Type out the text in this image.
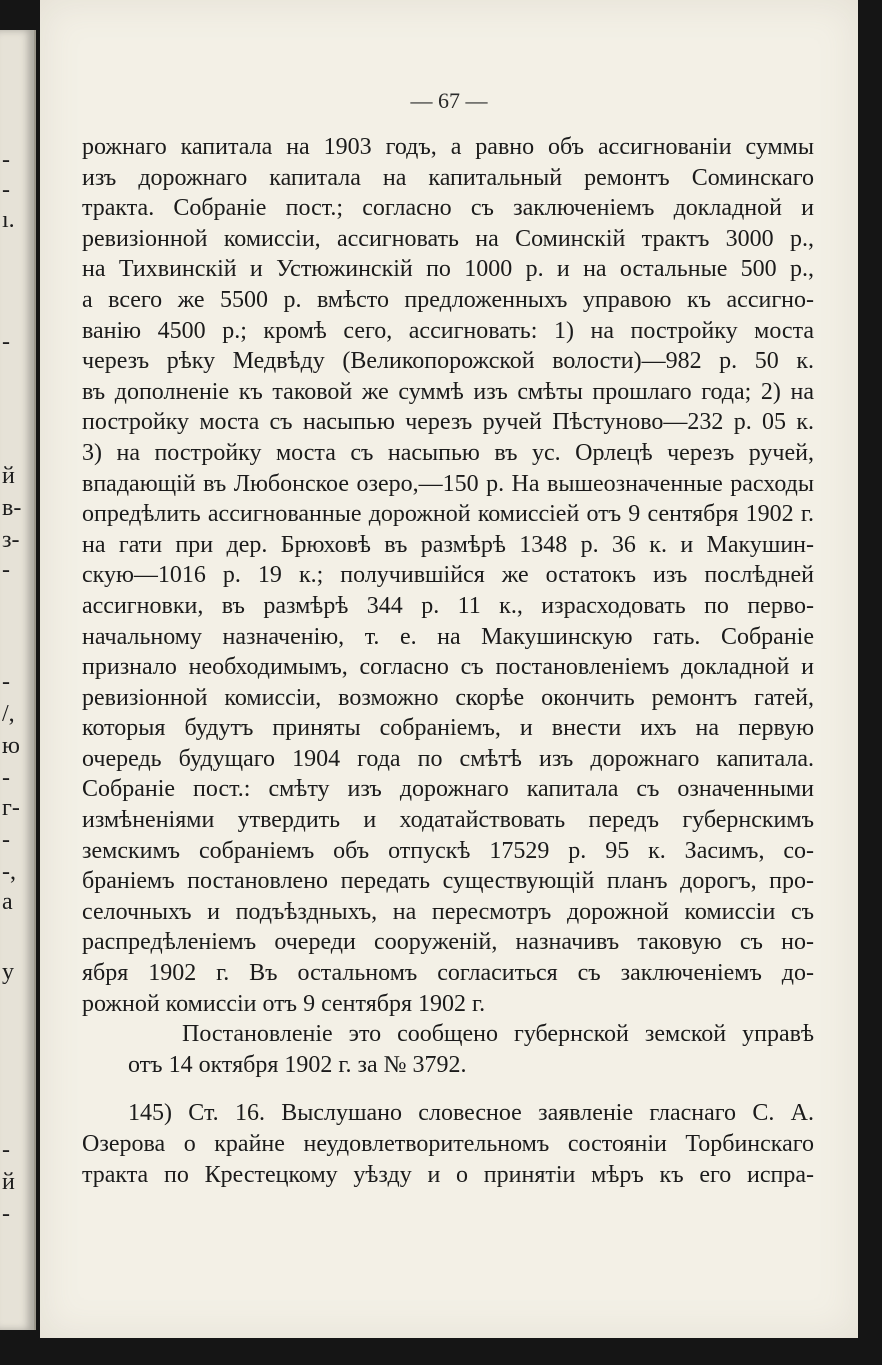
-
-
ı.
-
й
в-
з-
-
-
/,
ю
-
г-
-
-,
а
у
-
й
-
— 67 —
рожнаго капитала на 1903 годъ, а равно объ ассигнованiи суммы
изъ дорожнаго капитала на капитальный ремонтъ Соминскаго
тракта. Собранiе пост.; согласно съ заключенiемъ докладной и
ревизiонной комиссiи, ассигновать на Соминскiй трактъ 3000 р.,
на Тихвинскiй и Устюжинскiй по 1000 р. и на остальные 500 р.,
а всего же 5500 р. вмѣсто предложенныхъ управою къ ассигно-
ванiю 4500 р.; кромѣ сего, ассигновать: 1) на постройку моста
черезъ рѣку Медвѣду (Великопорожской волости)—982 р. 50 к.
въ дополненiе къ таковой же суммѣ изъ смѣты прошлаго года; 2) на
постройку моста съ насыпью черезъ ручей Пѣстуново—232 р. 05 к.
3) на постройку моста съ насыпью въ ус. Орлецѣ черезъ ручей,
впадающiй въ Любонское озеро,—150 р. На вышеозначенные расходы
опредѣлить ассигнованные дорожной комиссiей отъ 9 сентября 1902 г.
на гати при дер. Брюховѣ въ размѣрѣ 1348 р. 36 к. и Макушин-
скую—1016 р. 19 к.; получившiйся же остатокъ изъ послѣдней
ассигновки, въ размѣрѣ 344 р. 11 к., израсходовать по перво-
начальному назначенiю, т. е. на Макушинскую гать. Собранiе
признало необходимымъ, согласно съ постановленiемъ докладной и
ревизiонной комиссiи, возможно скорѣе окончить ремонтъ гатей,
которыя будутъ приняты собранiемъ, и внести ихъ на первую
очередь будущаго 1904 года по смѣтѣ изъ дорожнаго капитала.
Собранiе пост.: смѣту изъ дорожнаго капитала съ означенными
измѣненiями утвердить и ходатайствовать передъ губернскимъ
земскимъ собранiемъ объ отпускѣ 17529 р. 95 к. Засимъ, со-
бранiемъ постановлено передать существующiй планъ дорогъ, про-
селочныхъ и подъѣздныхъ, на пересмотръ дорожной комиссiи съ
распредѣленiемъ очереди сооруженiй, назначивъ таковую съ но-
ября 1902 г. Въ остальномъ согласиться съ заключенiемъ до-
рожной комиссiи отъ 9 сентября 1902 г.
Постановленiе это сообщено губернской земской управѣ
отъ 14 октября 1902 г. за № 3792.
145) Ст. 16. Выслушано словесное заявленiе гласнаго С. А.
Озерова о крайне неудовлетворительномъ состоянiи Торбинскаго
тракта по Крестецкому уѣзду и о принятiи мѣръ къ его испра-
